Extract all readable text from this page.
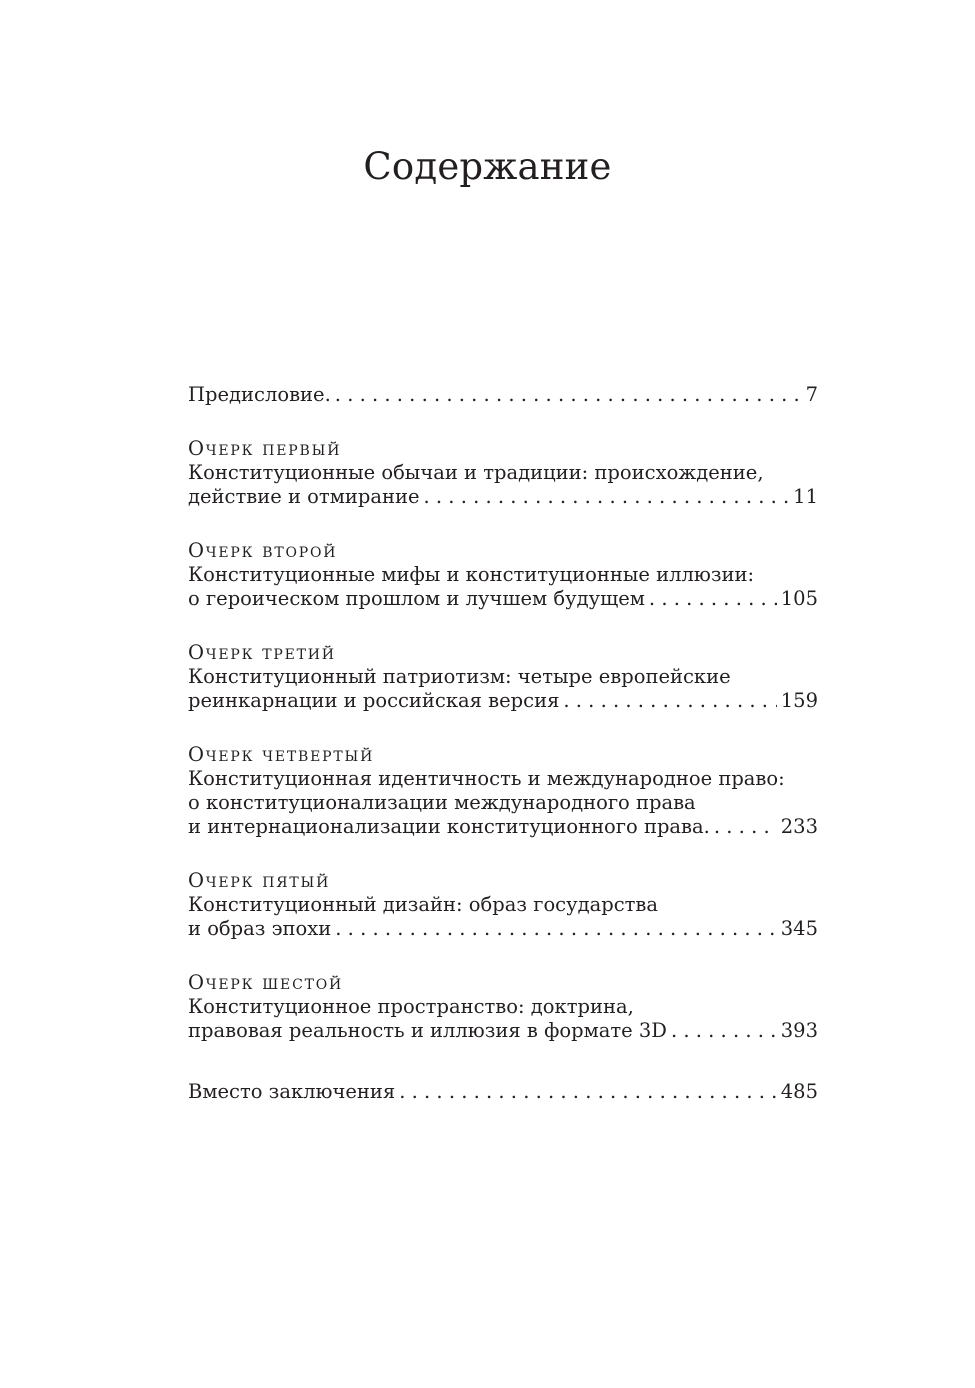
Содержание
Предисловие. . . .	7
Очерк первый
Конституционные обычаи и традиции: происхождение,
действие и отмирание . . .	11
Очерк второй
Конституционные мифы и конституционные иллюзии:
о героическом прошлом и лучшем будущем . . .	105
Очерк третий
Конституционный патриотизм: четыре европейские
реинкарнации и российская версия . . .	159
Очерк четвертый
Конституционная идентичность и международное право:
о конституционализации международного права
и интернационализации конституционного права. . . .	233
Очерк пятый
Конституционный дизайн: образ государства
и образ эпохи . . .	345
Очерк шестой
Конституционное пространство: доктрина,
правовая реальность и иллюзия в формате 3D . . .	393
Вместо заключения . . .	485
